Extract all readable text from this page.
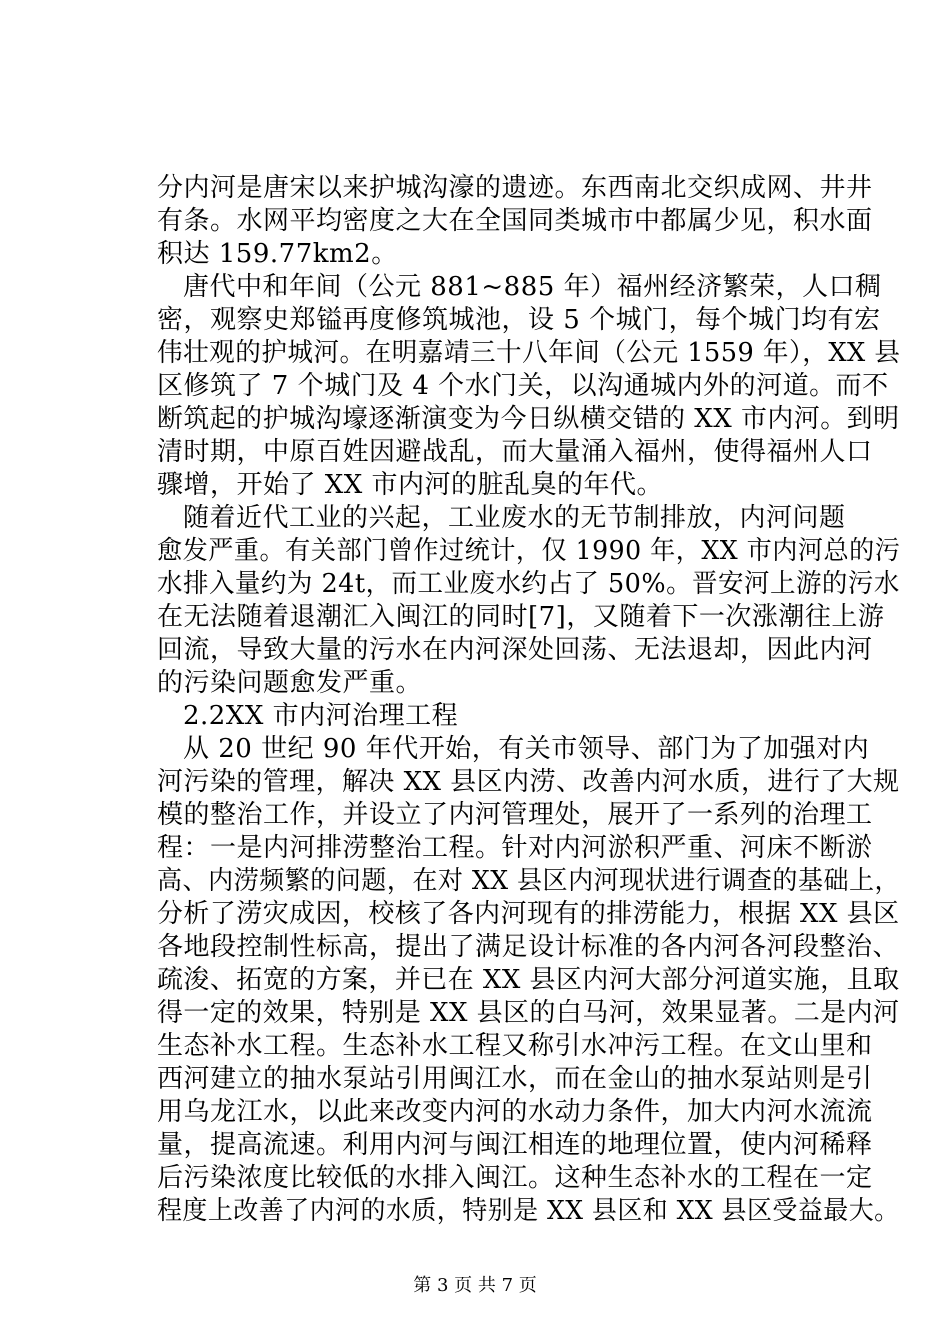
分内河是唐宋以来护城沟濠的遗迹。东西南北交织成网、井井
有条。水网平均密度之大在全国同类城市中都属少见，积水面
积达 159.77km2。
唐代中和年间（公元 881~885 年）福州经济繁荣，人口稠
密，观察史郑镒再度修筑城池，设 5 个城门，每个城门均有宏
伟壮观的护城河。在明嘉靖三十八年间（公元 1559 年），XX 县
区修筑了 7 个城门及 4 个水门关，以沟通城内外的河道。而不
断筑起的护城沟壕逐渐演变为今日纵横交错的 XX 市内河。到明
清时期，中原百姓因避战乱，而大量涌入福州，使得福州人口
骤增，开始了 XX 市内河的脏乱臭的年代。
随着近代工业的兴起，工业废水的无节制排放，内河问题
愈发严重。有关部门曾作过统计，仅 1990 年，XX 市内河总的污
水排入量约为 24t，而工业废水约占了 50%。晋安河上游的污水
在无法随着退潮汇入闽江的同时[7]，又随着下一次涨潮往上游
回流，导致大量的污水在内河深处回荡、无法退却，因此内河
的污染问题愈发严重。
2.2XX 市内河治理工程
从 20 世纪 90 年代开始，有关市领导、部门为了加强对内
河污染的管理，解决 XX 县区内涝、改善内河水质，进行了大规
模的整治工作，并设立了内河管理处，展开了一系列的治理工
程：一是内河排涝整治工程。针对内河淤积严重、河床不断淤
高、内涝频繁的问题，在对 XX 县区内河现状进行调查的基础上，
分析了涝灾成因，校核了各内河现有的排涝能力，根据 XX 县区
各地段控制性标高，提出了满足设计标准的各内河各河段整治、
疏浚、拓宽的方案，并已在 XX 县区内河大部分河道实施，且取
得一定的效果，特别是 XX 县区的白马河，效果显著。二是内河
生态补水工程。生态补水工程又称引水冲污工程。在文山里和
西河建立的抽水泵站引用闽江水，而在金山的抽水泵站则是引
用乌龙江水，以此来改变内河的水动力条件，加大内河水流流
量，提高流速。利用内河与闽江相连的地理位置，使内河稀释
后污染浓度比较低的水排入闽江。这种生态补水的工程在一定
程度上改善了内河的水质，特别是 XX 县区和 XX 县区受益最大。
第 3 页 共 7 页
